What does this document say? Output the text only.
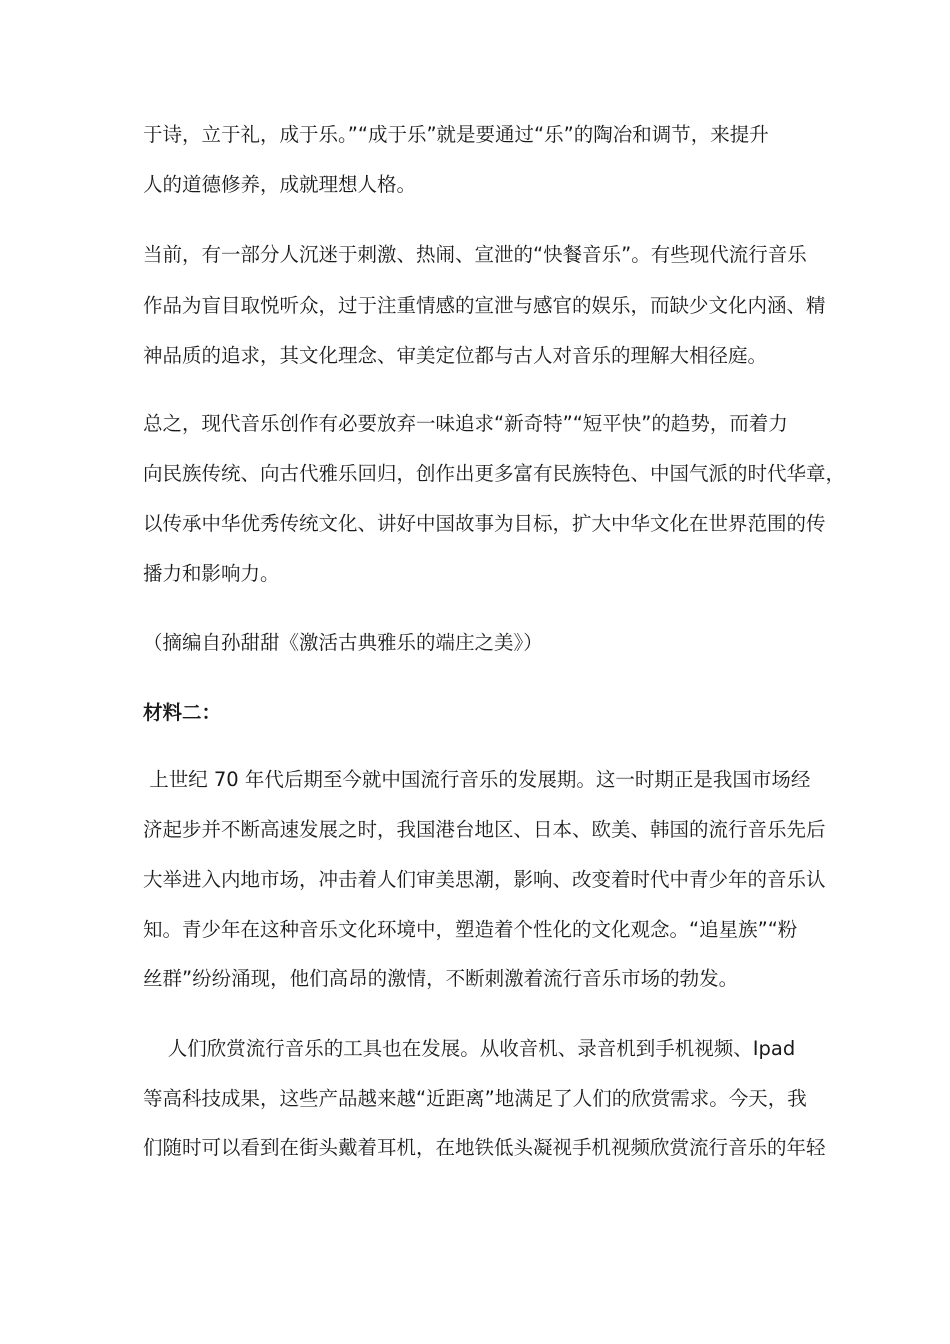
于诗，立于礼，成于乐。”“成于乐”就是要通过“乐”的陶冶和调节，来提升

人的道德修养，成就理想人格。

当前，有一部分人沉迷于刺激、热闹、宣泄的“快餐音乐”。有些现代流行音乐

作品为盲目取悦听众，过于注重情感的宣泄与感官的娱乐，而缺少文化内涵、精

神品质的追求，其文化理念、审美定位都与古人对音乐的理解大相径庭。

总之，现代音乐创作有必要放弃一味追求“新奇特”“短平快”的趋势，而着力

向民族传统、向古代雅乐回归，创作出更多富有民族特色、中国气派的时代华章，

以传承中华优秀传统文化、讲好中国故事为目标，扩大中华文化在世界范围的传

播力和影响力。

（摘编自孙甜甜《激活古典雅乐的端庄之美》）

材料二：

上世纪 70 年代后期至今就中国流行音乐的发展期。这一时期正是我国市场经

济起步并不断高速发展之时，我国港台地区、日本、欧美、韩国的流行音乐先后

大举进入内地市场，冲击着人们审美思潮，影响、改变着时代中青少年的音乐认

知。青少年在这种音乐文化环境中，塑造着个性化的文化观念。“追星族”“粉

丝群”纷纷涌现，他们高昂的激情，不断刺激着流行音乐市场的勃发。

人们欣赏流行音乐的工具也在发展。从收音机、录音机到手机视频、Ipad

等高科技成果，这些产品越来越“近距离”地满足了人们的欣赏需求。今天，我

们随时可以看到在街头戴着耳机，在地铁低头凝视手机视频欣赏流行音乐的年轻
